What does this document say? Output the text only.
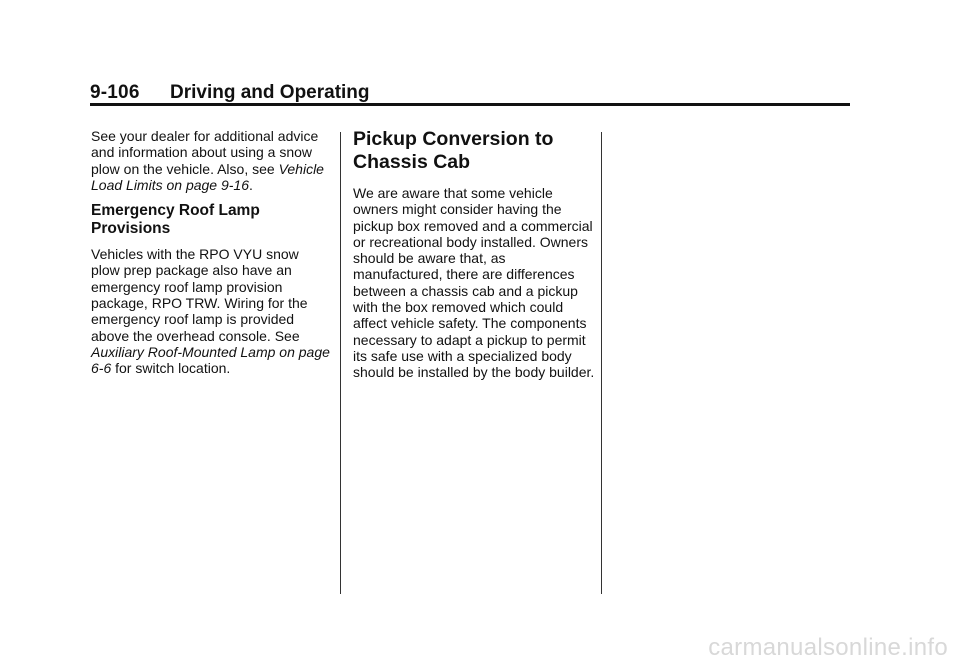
9-106 Driving and Operating

See your dealer for additional advice and information about using a snow plow on the vehicle. Also, see Vehicle Load Limits on page 9-16.

Emergency Roof Lamp Provisions

Vehicles with the RPO VYU snow plow prep package also have an emergency roof lamp provision package, RPO TRW. Wiring for the emergency roof lamp is provided above the overhead console. See Auxiliary Roof-Mounted Lamp on page 6-6 for switch location.

Pickup Conversion to Chassis Cab

We are aware that some vehicle owners might consider having the pickup box removed and a commercial or recreational body installed. Owners should be aware that, as manufactured, there are differences between a chassis cab and a pickup with the box removed which could affect vehicle safety. The components necessary to adapt a pickup to permit its safe use with a specialized body should be installed by the body builder.

carmanualsonline.info
